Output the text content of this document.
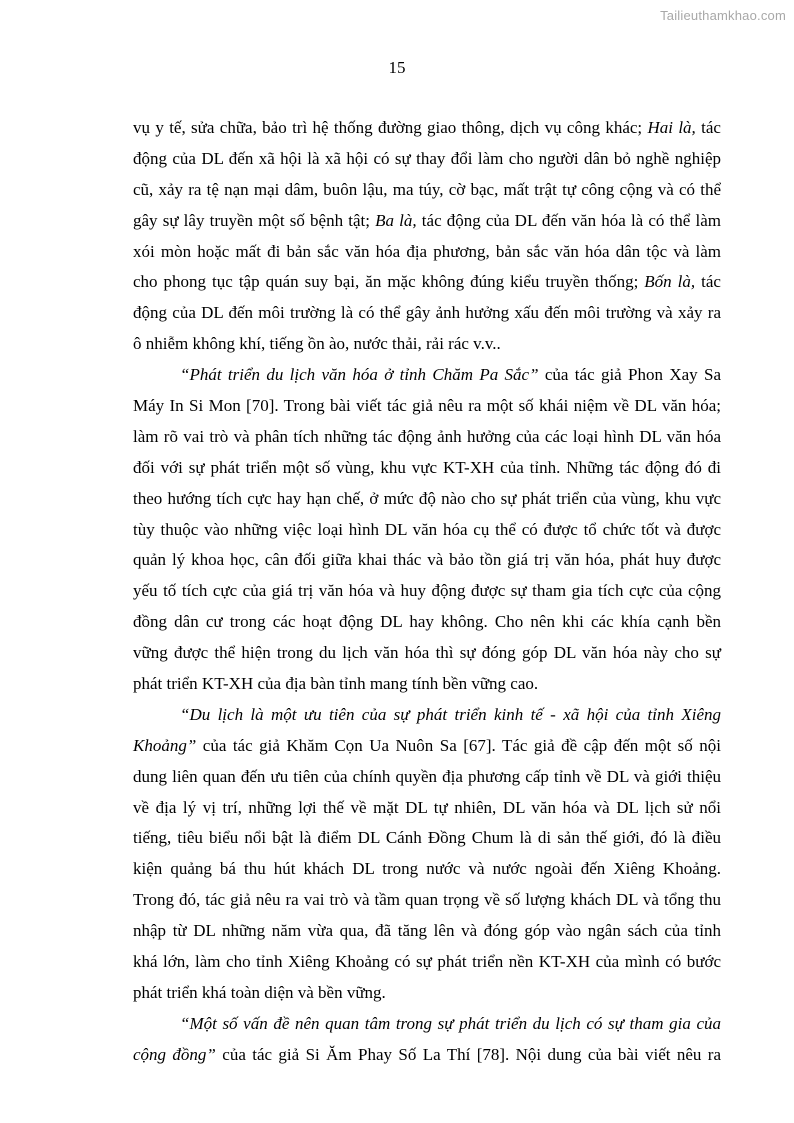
Tailieuthamkhao.com
15
vụ y tế, sửa chữa, bảo trì hệ thống đường giao thông, dịch vụ công khác; Hai là, tác
động của DL đến xã hội là xã hội có sự thay đổi làm cho người dân bỏ nghề nghiệp
cũ, xảy ra tệ nạn mại dâm, buôn lậu, ma túy, cờ bạc, mất trật tự công cộng và có thể
gây sự lây truyền một số bệnh tật; Ba là, tác động của DL đến văn hóa là có thể làm
xói mòn hoặc mất đi bản sắc văn hóa địa phương, bản sắc văn hóa dân tộc và làm
cho phong tục tập quán suy bại, ăn mặc không đúng kiểu truyền thống; Bốn là, tác
động của DL đến môi trường là có thể gây ảnh hưởng xấu đến môi trường và xảy ra
ô nhiễm không khí, tiếng ồn ào, nước thải, rải rác v.v..
“Phát triển du lịch văn hóa ở tỉnh Chăm Pa Sắc” của tác giả Phon Xay Sa
Máy In Si Mon [70]. Trong bài viết tác giả nêu ra một số khái niệm về DL văn hóa;
làm rõ vai trò và phân tích những tác động ảnh hưởng của các loại hình DL văn hóa
đối với sự phát triển một số vùng, khu vực KT-XH của tỉnh. Những tác động đó đi
theo hướng tích cực hay hạn chế, ở mức độ nào cho sự phát triển của vùng, khu vực
tùy thuộc vào những việc loại hình DL văn hóa cụ thể có được tổ chức tốt và được
quản lý khoa học, cân đối giữa khai thác và bảo tồn giá trị văn hóa, phát huy được
yếu tố tích cực của giá trị văn hóa và huy động được sự tham gia tích cực của cộng
đồng dân cư trong các hoạt động DL hay không. Cho nên khi các khía cạnh bền
vững được thể hiện trong du lịch văn hóa thì sự đóng góp DL văn hóa này cho sự
phát triển KT-XH của địa bàn tỉnh mang tính bền vững cao.
“Du lịch là một ưu tiên của sự phát triển kinh tế - xã hội của tỉnh Xiêng
Khoảng” của tác giả Khăm Cọn Ua Nuôn Sa [67]. Tác giả đề cập đến một số nội
dung liên quan đến ưu tiên của chính quyền địa phương cấp tỉnh về DL và giới thiệu
về địa lý vị trí, những lợi thế về mặt DL tự nhiên, DL văn hóa và DL lịch sử nổi
tiếng, tiêu biểu nổi bật là điểm DL Cánh Đồng Chum là di sản thế giới, đó là điều
kiện quảng bá thu hút khách DL trong nước và nước ngoài đến Xiêng Khoảng.
Trong đó, tác giả nêu ra vai trò và tầm quan trọng về số lượng khách DL và tổng thu
nhập từ DL những năm vừa qua, đã tăng lên và đóng góp vào ngân sách của tỉnh
khá lớn, làm cho tỉnh Xiêng Khoảng có sự phát triển nền KT-XH của mình có bước
phát triển khá toàn diện và bền vững.
“Một số vấn đề nên quan tâm trong sự phát triển du lịch có sự tham gia của
cộng đồng” của tác giả Si Ăm Phay Số La Thí [78]. Nội dung của bài viết nêu ra
